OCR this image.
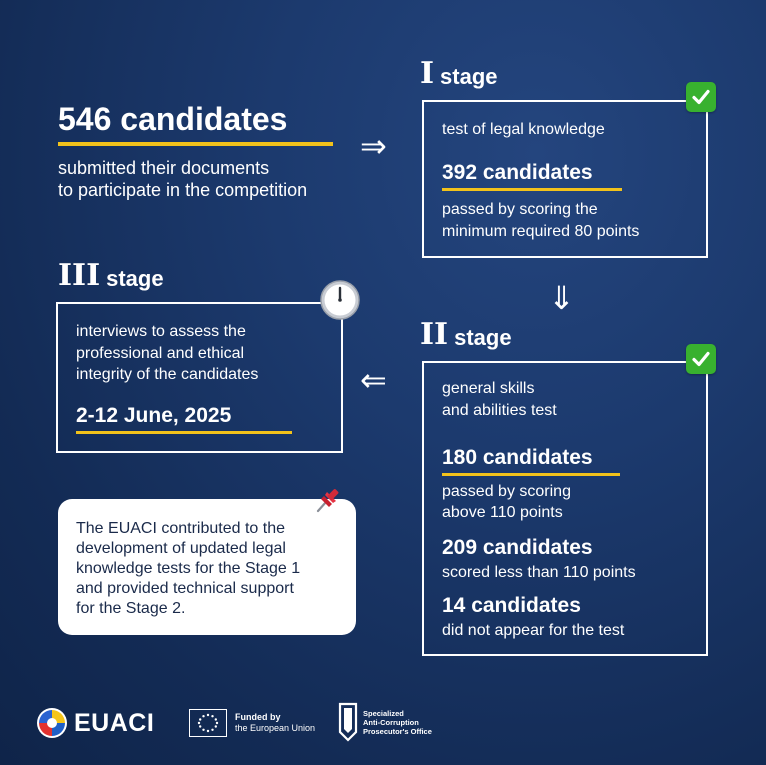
546 candidates
submitted their documents
to participate in the competition
⇒
⇓
⇐
I stage
test of legal knowledge
392 candidates
passed by scoring the
minimum required 80 points
II stage
general skills
and abilities test
180 candidates
passed by scoring
above 110 points
209 candidates
scored less than 110 points
14 candidates
did not appear for the test
III stage
interviews to assess the
professional and ethical
integrity of the candidates
2-12 June, 2025
The EUACI contributed to the
development of updated legal
knowledge tests for the Stage 1
and provided technical support
for the Stage 2.
EUACI	Funded by
the European Union
Specialized
Anti-Corruption
Prosecutor's Office
